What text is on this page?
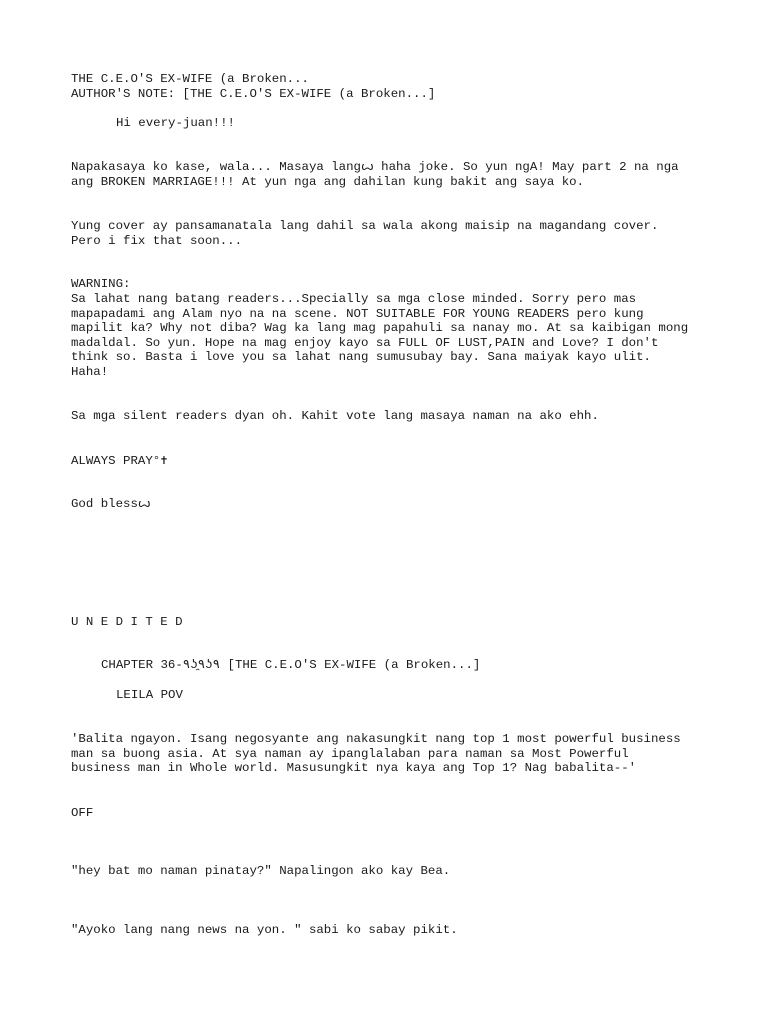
THE C.E.O'S EX-WIFE (a Broken...
AUTHOR'S NOTE: [THE C.E.O'S EX-WIFE (a Broken...]
Hi every-juan!!!
Napakasaya ko kase, wala... Masaya langꙍ haha joke. So yun ngA! May part 2 na nga
ang BROKEN MARRIAGE!!! At yun nga ang dahilan kung bakit ang saya ko.
Yung cover ay pansamanatala lang dahil sa wala akong maisip na magandang cover.
Pero i fix that soon...
WARNING:
Sa lahat nang batang readers...Specially sa mga close minded. Sorry pero mas
mapapadami ang Alam nyo na na scene. NOT SUITABLE FOR YOUNG READERS pero kung
mapilit ka? Why not diba? Wag ka lang mag papahuli sa nanay mo. At sa kaibigan mong
madaldal. So yun. Hope na mag enjoy kayo sa FULL OF LUST,PAIN and Love? I don't
think so. Basta i love you sa lahat nang sumusubay bay. Sana maiyak kayo ulit.
Haha!
Sa mga silent readers dyan oh. Kahit vote lang masaya naman na ako ehh.
ALWAYS PRAY°✝
God blessꙍ
U N E D I T E D
CHAPTER 36-٩ʖ̯٩ʖ٩ [THE C.E.O'S EX-WIFE (a Broken...]
LEILA POV
'Balita ngayon. Isang negosyante ang nakasungkit nang top 1 most powerful business
man sa buong asia. At sya naman ay ipanglalaban para naman sa Most Powerful
business man in Whole world. Masusungkit nya kaya ang Top 1? Nag babalita--'
OFF
"hey bat mo naman pinatay?" Napalingon ako kay Bea.
"Ayoko lang nang news na yon. " sabi ko sabay pikit.
